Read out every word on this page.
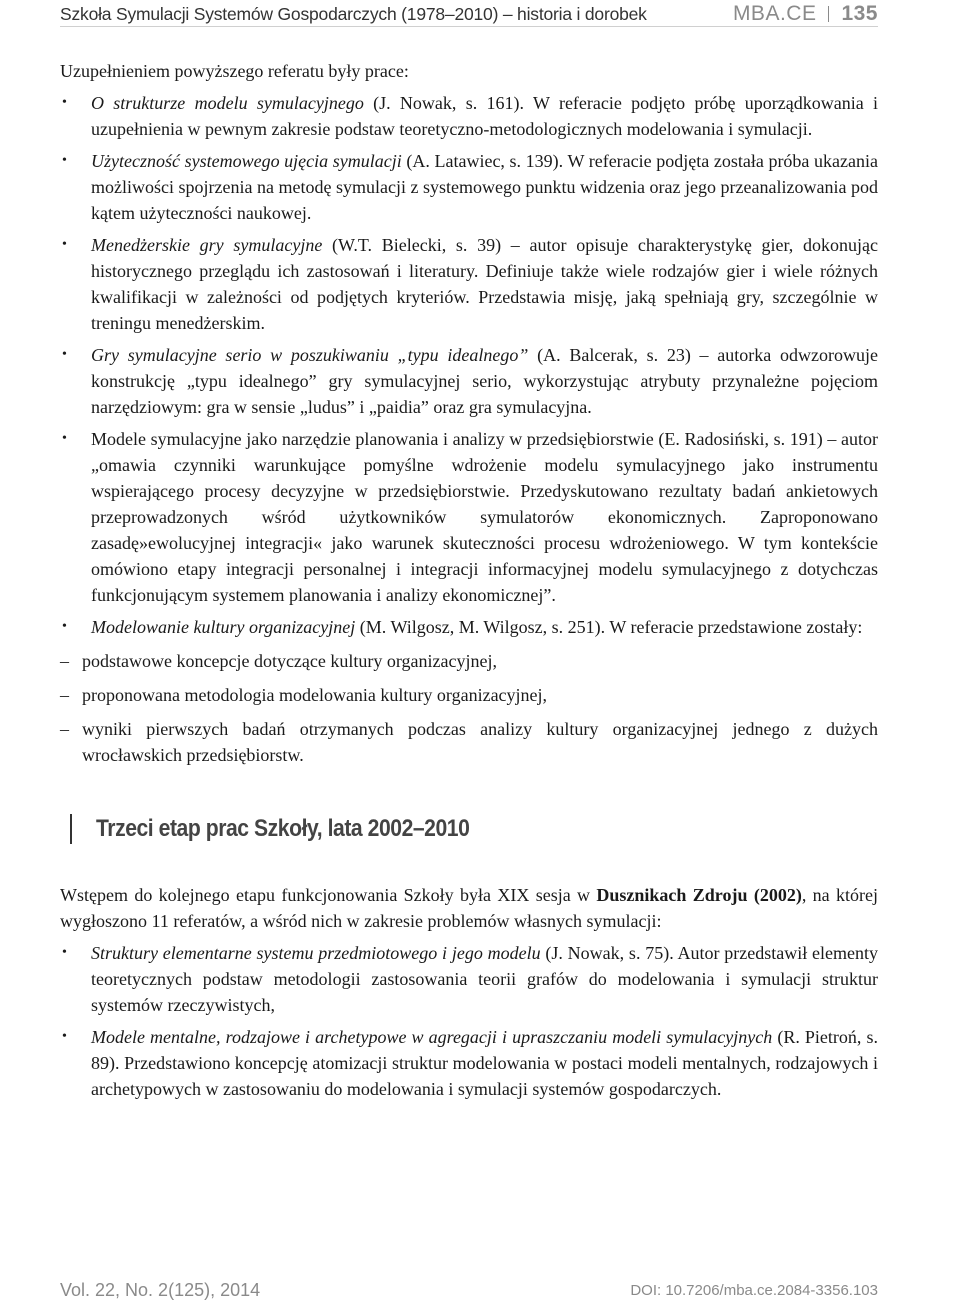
Szkoła Symulacji Systemów Gospodarczych (1978–2010) – historia i dorobek	MBA.CE 135

Uzupełnieniem powyższego referatu były prace:

• O strukturze modelu symulacyjnego (J. Nowak, s. 161). W referacie podjęto próbę uporządkowania i uzupełnienia w pewnym zakresie podstaw teoretyczno-metodologicznych modelowania i symulacji.
• Użyteczność systemowego ujęcia symulacji (A. Latawiec, s. 139). W referacie podjęta została próba ukazania możliwości spojrzenia na metodę symulacji z systemowego punktu widzenia oraz jego przeanalizowania pod kątem użyteczności naukowej.
• Menedżerskie gry symulacyjne (W.T. Bielecki, s. 39) – autor opisuje charakterystykę gier, dokonując historycznego przeglądu ich zastosowań i literatury. Definiuje także wiele rodzajów gier i wiele różnych kwalifikacji w zależności od podjętych kryteriów. Przedstawia misję, jaką spełniają gry, szczególnie w treningu menedżerskim.
• Gry symulacyjne serio w poszukiwaniu „typu idealnego” (A. Balcerak, s. 23) – autorka odwzorowuje konstrukcję „typu idealnego” gry symulacyjnej serio, wykorzystując atrybuty przynależne pojęciom narzędziowym: gra w sensie „ludus” i „paidia” oraz gra symulacyjna.
• Modele symulacyjne jako narzędzie planowania i analizy w przedsiębiorstwie (E. Radosiński, s. 191) – autor „omawia czynniki warunkujące pomyślne wdrożenie modelu symulacyjnego jako instrumentu wspierającego procesy decyzyjne w przedsiębiorstwie. Przedyskutowano rezultaty badań ankietowych przeprowadzonych wśród użytkowników symulatorów ekonomicznych. Zaproponowano zasadę»ewolucyjnej integracji« jako warunek skuteczności procesu wdrożeniowego. W tym kontekście omówiono etapy integracji personalnej i integracji informacyjnej modelu symulacyjnego z dotychczas funkcjonującym systemem planowania i analizy ekonomicznej”.
• Modelowanie kultury organizacyjnej (M. Wilgosz, M. Wilgosz, s. 251). W referacie przedstawione zostały:
– podstawowe koncepcje dotyczące kultury organizacyjnej,
– proponowana metodologia modelowania kultury organizacyjnej,
– wyniki pierwszych badań otrzymanych podczas analizy kultury organizacyjnej jednego z dużych wrocławskich przedsiębiorstw.
Trzeci etap prac Szkoły, lata 2002–2010

Wstępem do kolejnego etapu funkcjonowania Szkoły była XIX sesja w Dusznikach Zdroju (2002), na której wygłoszono 11 referatów, a wśród nich w zakresie problemów własnych symulacji:

• Struktury elementarne systemu przedmiotowego i jego modelu (J. Nowak, s. 75). Autor przedstawił elementy teoretycznych podstaw metodologii zastosowania teorii grafów do modelowania i symulacji struktur systemów rzeczywistych,
• Modele mentalne, rodzajowe i archetypowe w agregacji i upraszczaniu modeli symulacyjnych (R. Pietroń, s. 89). Przedstawiono koncepcję atomizacji struktur modelowania w postaci modeli mentalnych, rodzajowych i archetypowych w zastosowaniu do modelowania i symulacji systemów gospodarczych.
Vol. 22, No. 2(125), 2014	DOI: 10.7206/mba.ce.2084-3356.103
